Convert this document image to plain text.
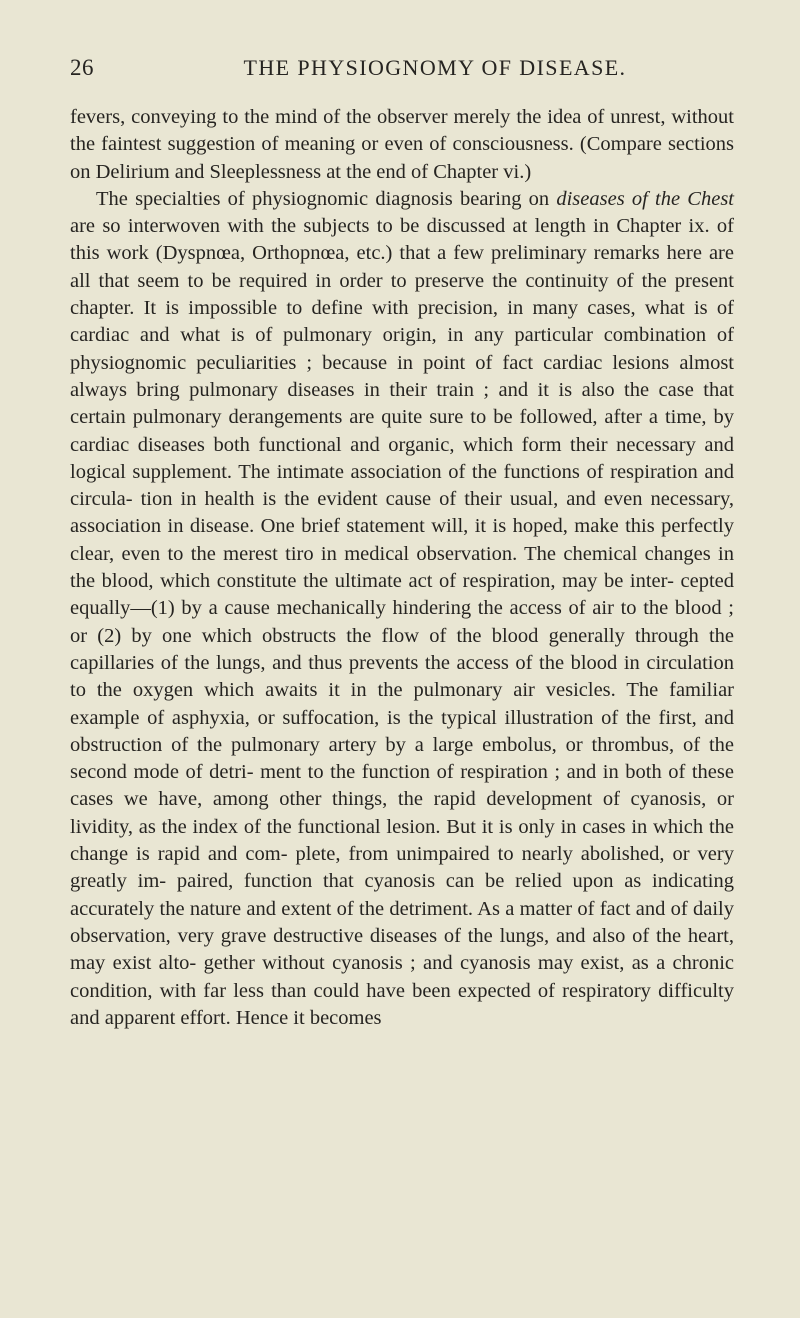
26	THE PHYSIOGNOMY OF DISEASE.

fevers, conveying to the mind of the observer merely the idea of unrest, without the faintest suggestion of meaning or even of consciousness. (Compare sections on Delirium and Sleeplessness at the end of Chapter vi.)

The specialties of physiognomic diagnosis bearing on diseases of the Chest are so interwoven with the subjects to be discussed at length in Chapter ix. of this work (Dyspnœa, Orthopnœa, etc.) that a few preliminary remarks here are all that seem to be required in order to preserve the continuity of the present chapter. It is impossible to define with precision, in many cases, what is of cardiac and what is of pulmonary origin, in any particular combination of physiognomic peculiarities ; because in point of fact cardiac lesions almost always bring pulmonary diseases in their train ; and it is also the case that certain pulmonary derangements are quite sure to be followed, after a time, by cardiac diseases both functional and organic, which form their necessary and logical supplement. The intimate association of the functions of respiration and circula- tion in health is the evident cause of their usual, and even necessary, association in disease. One brief statement will, it is hoped, make this perfectly clear, even to the merest tiro in medical observation. The chemical changes in the blood, which constitute the ultimate act of respiration, may be inter- cepted equally—(1) by a cause mechanically hindering the access of air to the blood ; or (2) by one which obstructs the flow of the blood generally through the capillaries of the lungs, and thus prevents the access of the blood in circulation to the oxygen which awaits it in the pulmonary air vesicles. The familiar example of asphyxia, or suffocation, is the typical illustration of the first, and obstruction of the pulmonary artery by a large embolus, or thrombus, of the second mode of detri- ment to the function of respiration ; and in both of these cases we have, among other things, the rapid development of cyanosis, or lividity, as the index of the functional lesion. But it is only in cases in which the change is rapid and com- plete, from unimpaired to nearly abolished, or very greatly im- paired, function that cyanosis can be relied upon as indicating accurately the nature and extent of the detriment. As a matter of fact and of daily observation, very grave destructive diseases of the lungs, and also of the heart, may exist alto- gether without cyanosis ; and cyanosis may exist, as a chronic condition, with far less than could have been expected of respiratory difficulty and apparent effort. Hence it becomes
